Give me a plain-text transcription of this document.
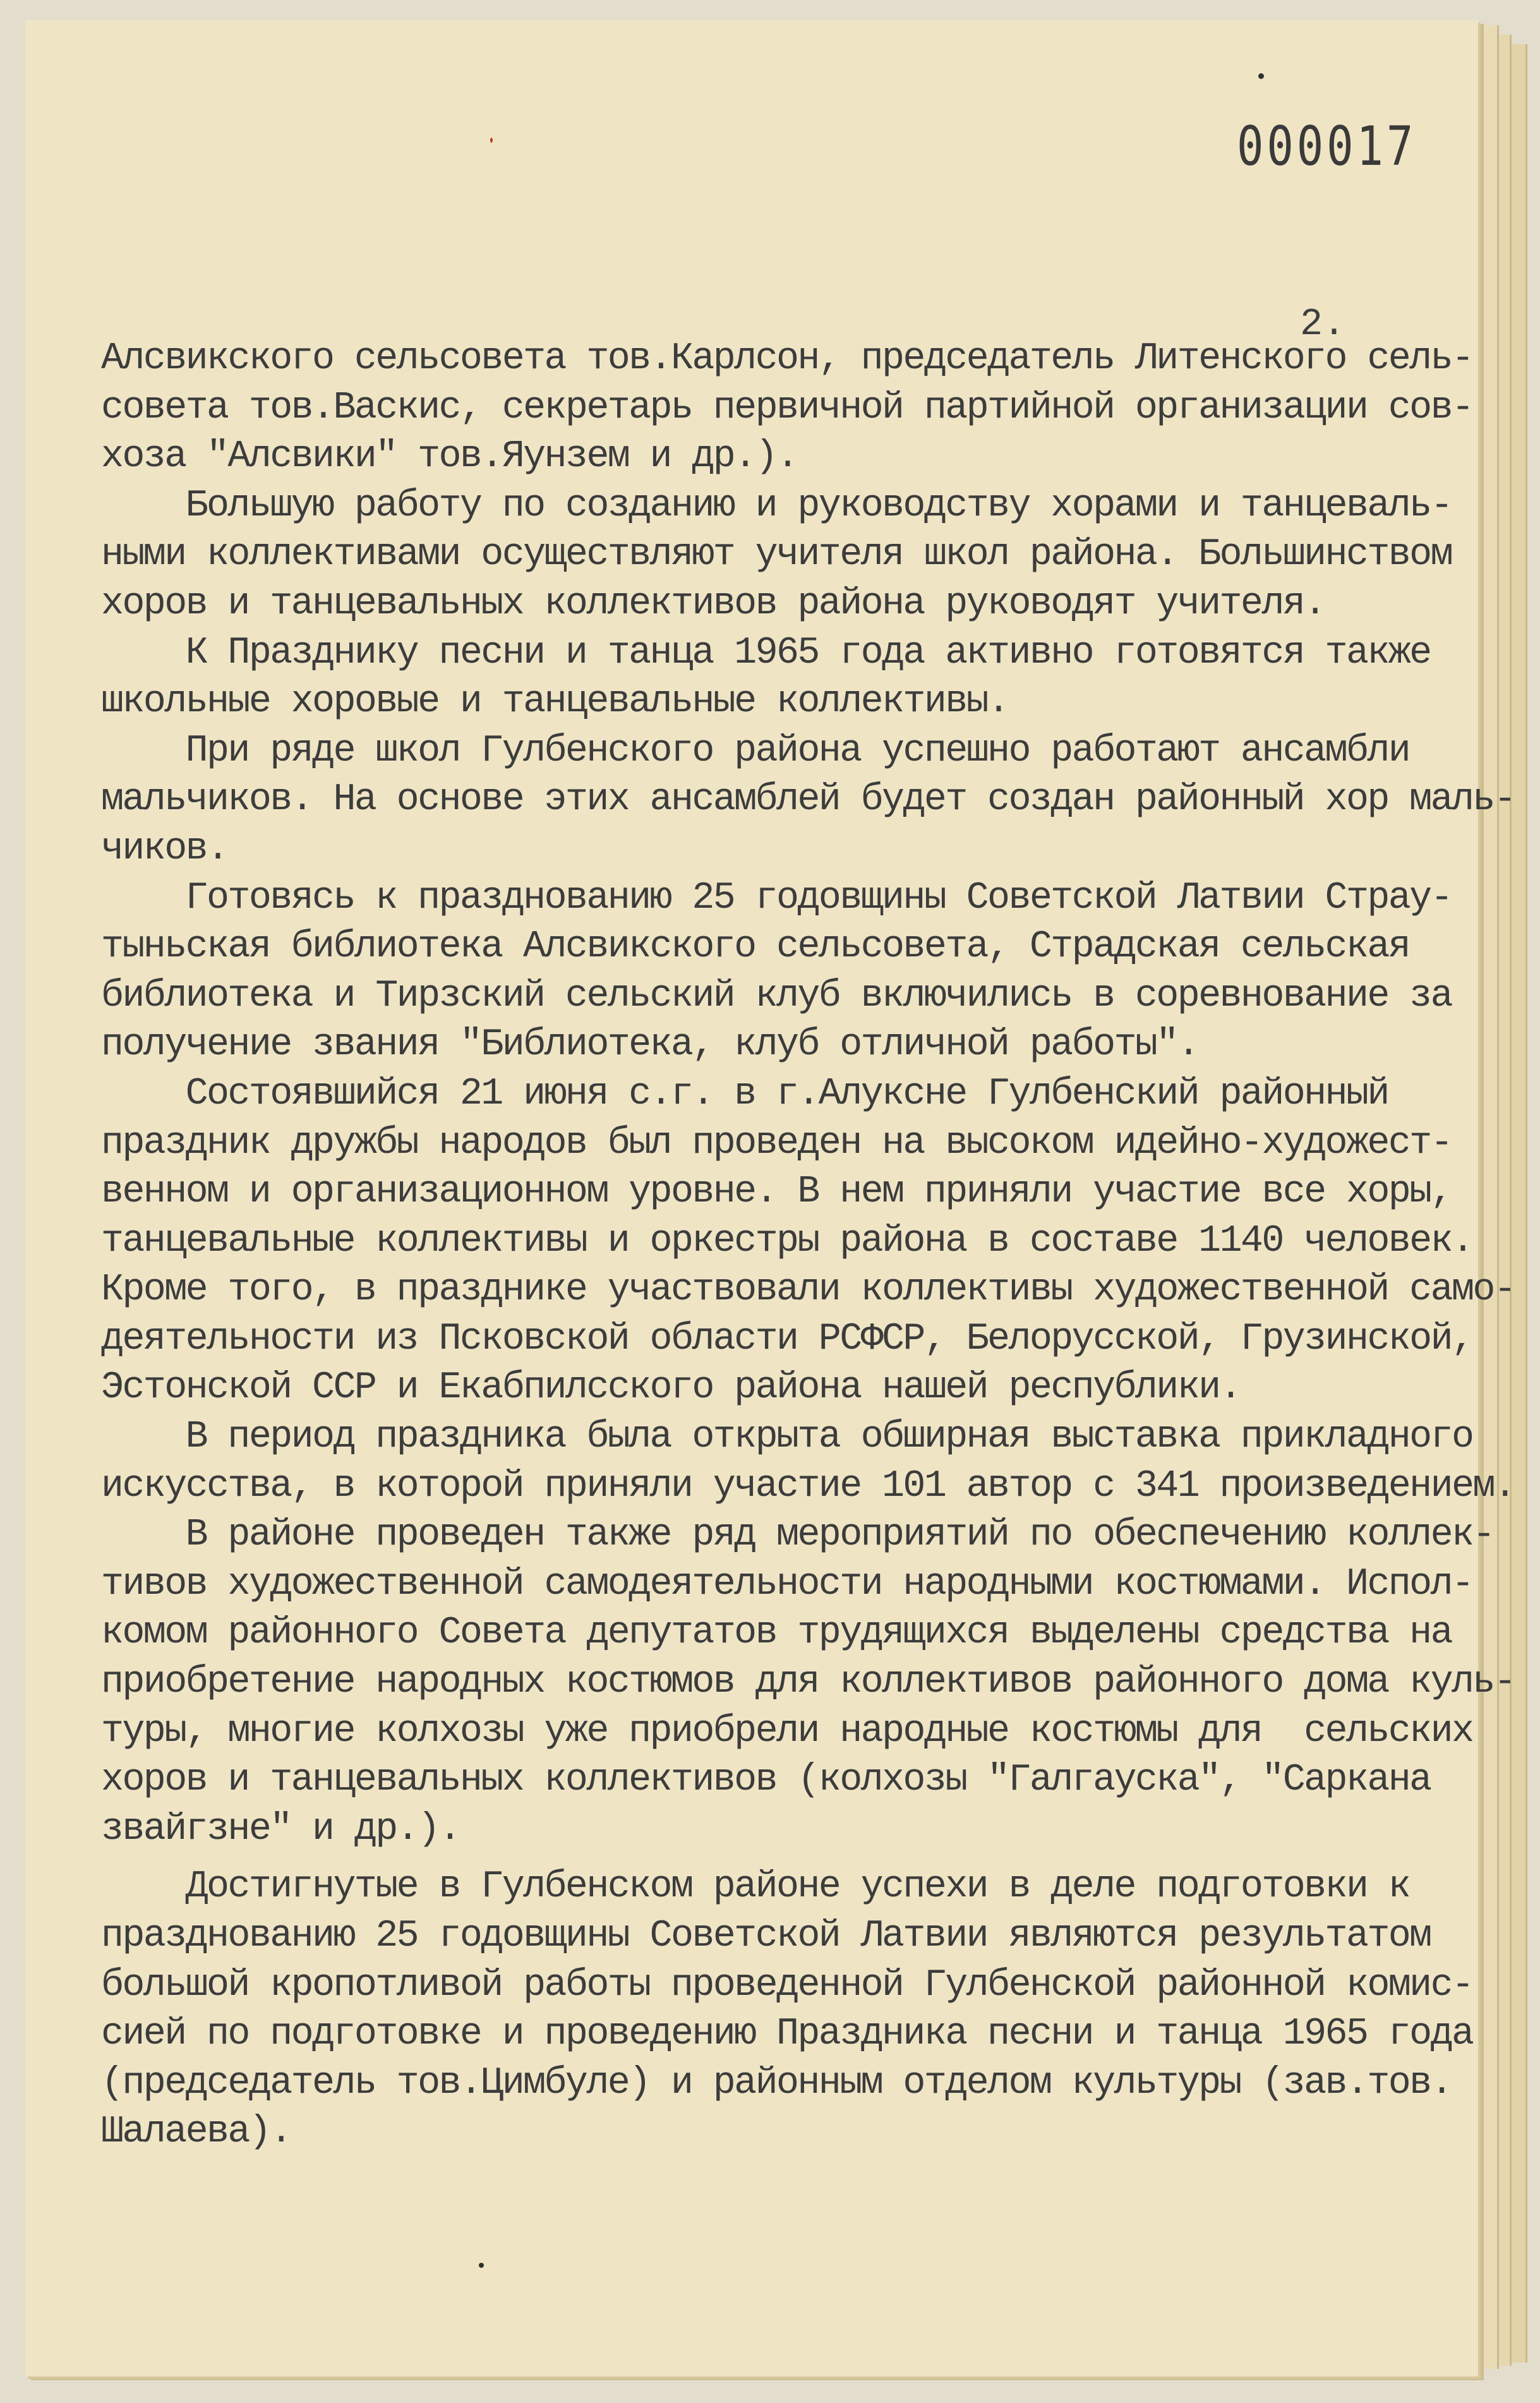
000017
2.
Алсвикского сельсовета тов.Карлсон, председатель Литенского сель-
совета тов.Васкис, секретарь первичной партийной организации сов-
хоза "Алсвики" тов.Яунзем и др.).
Большую работу по созданию и руководству хорами и танцеваль-
ными коллективами осуществляют учителя школ района. Большинством
хоров и танцевальных коллективов района руководят учителя.
К Празднику песни и танца 1965 года активно готовятся также
школьные хоровые и танцевальные коллективы.
При ряде школ Гулбенского района успешно работают ансамбли
мальчиков. На основе этих ансамблей будет создан районный хор маль-
чиков.
Готовясь к празднованию 25 годовщины Советской Латвии Страу-
тыньская библиотека Алсвикского сельсовета, Страдская сельская
библиотека и Тирзский сельский клуб включились в соревнование за
получение звания "Библиотека, клуб отличной работы".
Состоявшийся 21 июня с.г. в г.Алуксне Гулбенский районный
праздник дружбы народов был проведен на высоком идейно-художест-
венном и организационном уровне. В нем приняли участие все хоры,
танцевальные коллективы и оркестры района в составе 1140 человек.
Кроме того, в празднике участвовали коллективы художественной само-
деятельности из Псковской области РСФСР, Белорусской, Грузинской,
Эстонской ССР и Екабпилсского района нашей республики.
В период праздника была открыта обширная выставка прикладного
искусства, в которой приняли участие 101 автор с 341 произведением.
В районе проведен также ряд мероприятий по обеспечению коллек-
тивов художественной самодеятельности народными костюмами. Испол-
комом районного Совета депутатов трудящихся выделены средства на
приобретение народных костюмов для коллективов районного дома куль-
туры, многие колхозы уже приобрели народные костюмы для  сельских
хоров и танцевальных коллективов (колхозы "Галгауска", "Саркана
звайгзне" и др.).
Достигнутые в Гулбенском районе успехи в деле подготовки к
празднованию 25 годовщины Советской Латвии являются результатом
большой кропотливой работы проведенной Гулбенской районной комис-
сией по подготовке и проведению Праздника песни и танца 1965 года
(председатель тов.Цимбуле) и районным отделом культуры (зав.тов.
Шалаева).
